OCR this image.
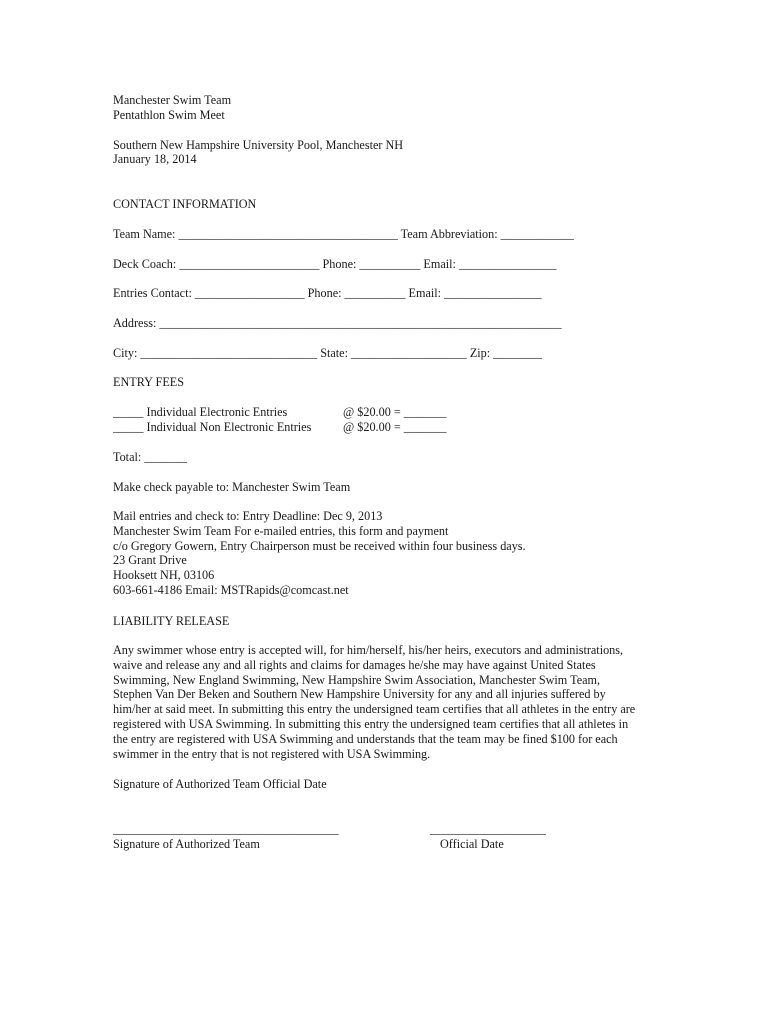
Manchester Swim Team
Pentathlon Swim Meet
Southern New Hampshire University Pool, Manchester NH
January 18, 2014
CONTACT INFORMATION
Team Name: ____________________________________ Team Abbreviation: ____________
Deck Coach: _______________________ Phone: __________ Email: ________________
Entries Contact: __________________ Phone: __________ Email: ________________
Address: __________________________________________________________________
City: _____________________________ State: ___________________ Zip: ________
ENTRY FEES
_____ Individual Electronic Entries	@ $20.00 = _______
_____ Individual Non Electronic Entries	@ $20.00 = _______
Total: _______
Make check payable to: Manchester Swim Team
Mail entries and check to: Entry Deadline: Dec 9, 2013
Manchester Swim Team For e-mailed entries, this form and payment
c/o Gregory Gowern, Entry Chairperson must be received within four business days.
23 Grant Drive
Hooksett NH, 03106
603-661-4186 Email: MSTRapids@comcast.net
LIABILITY RELEASE
Any swimmer whose entry is accepted will, for him/herself, his/her heirs, executors and administrations,
waive and release any and all rights and claims for damages he/she may have against United States
Swimming, New England Swimming, New Hampshire Swim Association, Manchester Swim Team,
Stephen Van Der Beken and Southern New Hampshire University for any and all injuries suffered by
him/her at said meet. In submitting this entry the undersigned team certifies that all athletes in the entry are
registered with USA Swimming. In submitting this entry the undersigned team certifies that all athletes in
the entry are registered with USA Swimming and understands that the team may be fined $100 for each
swimmer in the entry that is not registered with USA Swimming.
Signature of Authorized Team Official Date
_____________________________________	___________________
Signature of Authorized Team	Official Date
